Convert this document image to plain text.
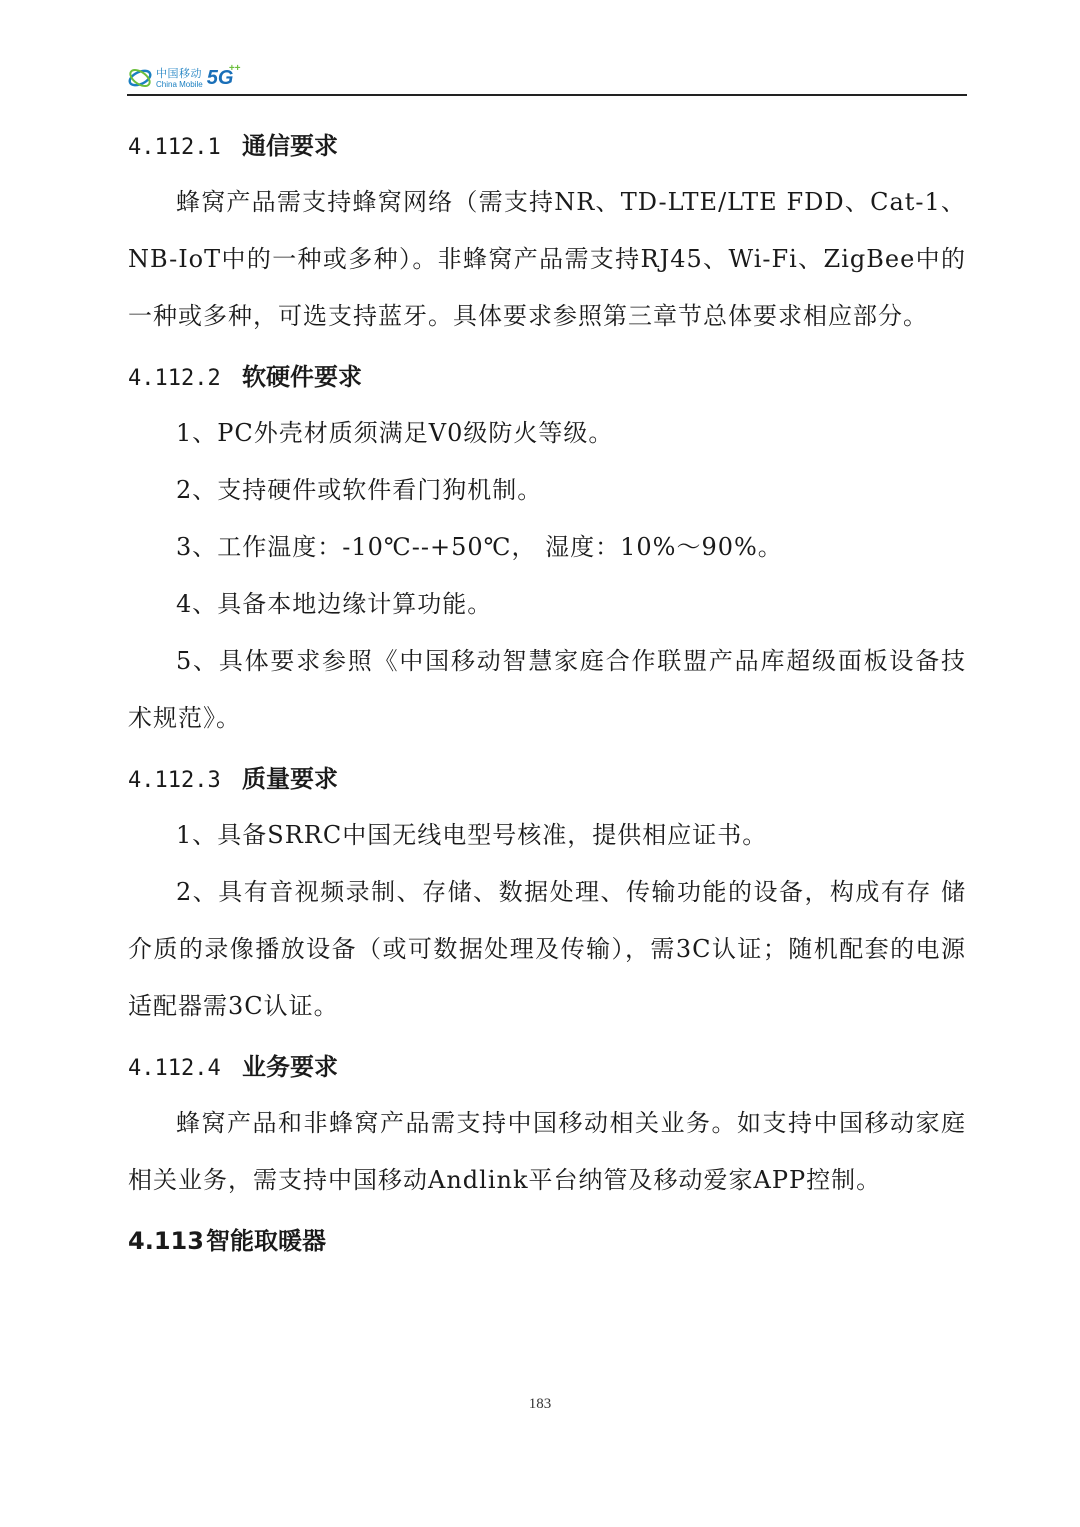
中国移动
China Mobile 5G
++
4.112.1 通信要求

蜂窝产品需支持蜂窝网络（需支持NR、TD-LTE/LTE FDD、Cat-1、NB-IoT中的一种或多种）。非蜂窝产品需支持RJ45、Wi-Fi、ZigBee中的一种或多种，可选支持蓝牙。具体要求参照第三章节总体要求相应部分。

4.112.2 软硬件要求

1、PC外壳材质须满足V0级防火等级。

2、支持硬件或软件看门狗机制。

3、工作温度：-10℃--+50℃， 湿度：10%～90%。

4、具备本地边缘计算功能。

5、具体要求参照《中国移动智慧家庭合作联盟产品库超级面板设备技术规范》。

4.112.3 质量要求

1、具备SRRC中国无线电型号核准，提供相应证书。

2、具有音视频录制、存储、数据处理、传输功能的设备，构成有存 储介质的录像播放设备（或可数据处理及传输），需3C认证；随机配套的电源适配器需3C认证。

4.112.4 业务要求

蜂窝产品和非蜂窝产品需支持中国移动相关业务。如支持中国移动家庭相关业务，需支持中国移动Andlink平台纳管及移动爱家APP控制。

4.113智能取暖器
183
